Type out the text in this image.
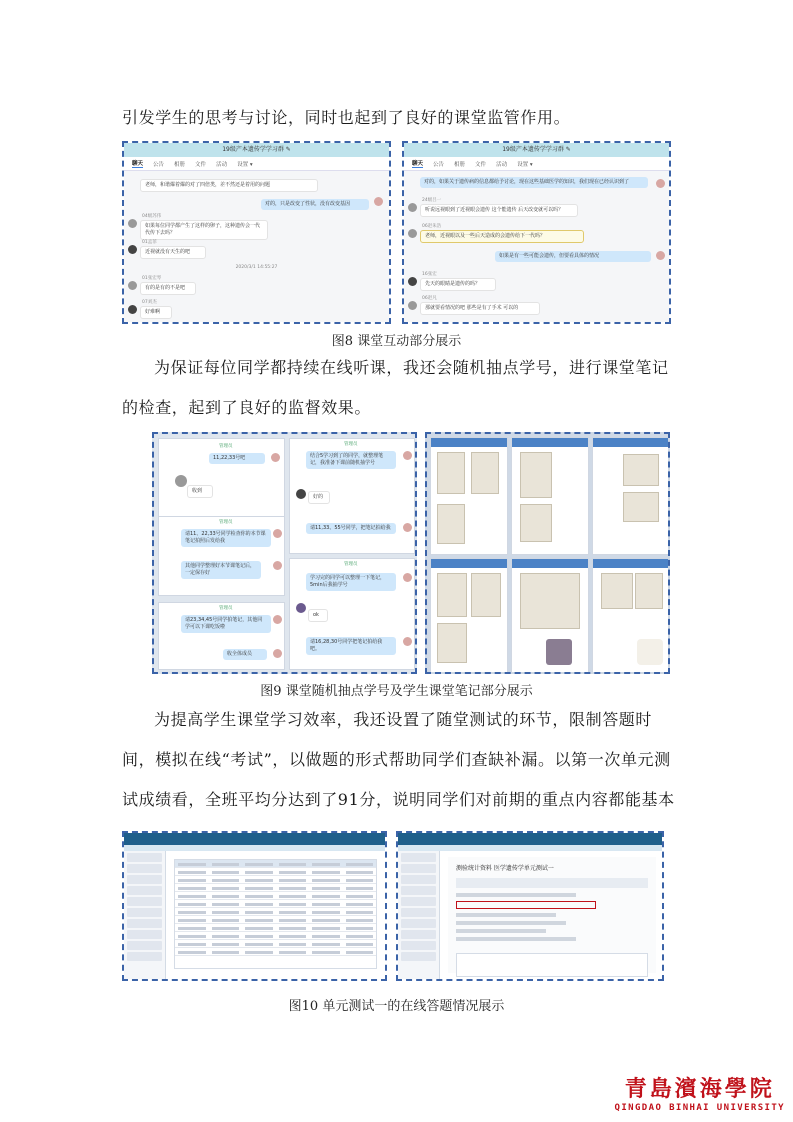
引发学生的思考与讨论，同时也起到了良好的课堂监管作用。
19级产本遗传学学习群 ✎
聊天 公告 相册 文件 活动 设置 ▾
老师，和谐爆着爆的对了四倍类，差不然还是着用的问题
对的，只是改变了性状，没有改变基因
04级苏伟
如果每位同学都产生了这样的卵子，这种遗传会一代代传下去吗？
01孟菲
近视就没有天生的吧
2020/3/1 14:55:27
01张宏琴
有的是有的不是吧
07刘杰
好难啊
19级产本遗传学学习群 ✎
聊天 公告 相册 文件 活动 设置 ▾
对的，如果关于遗传病的信息都给予讨论，现在这些基础医学的知识，我们现在已经认识到了
24级吕一
听说远视眼到了近视眼会遗传 这个能遗传 后天改变就可以吗？
06赵朱浩
老师，近视眼以及一些后天造成的会遗传给下一代吗？
如果是有一些可能会遗传，但要看具体的情况
16张宏
先天的眼睛是遗传的吗？
06赵凡
那就要看情况的吧 那些是有了手术 可以的
图8 课堂互动部分展示
为保证每位同学都持续在线听课，我还会随机抽点学号，进行课堂笔记的检查，起到了良好的监督效果。
管理员
11,22,33号吧
收到
管理员
请11、22,33号同学检查你的本节课笔记拍照后发给我
其他同学整理好本节课笔记后，一定保存好
管理员
请23,34,45号同学拍笔记，其他同学可以下课吃饭啦
收全体成员
管理员
结合5学习到了的同学，就整理笔记，我准备下课前随机抽学号
好的
请11,33、55号同学，把笔记拍给我
管理员
学习完的同学可以整理一下笔记，5min后我抽学号
ok
请16,28,30号同学把笔记拍给我吧。
图9 课堂随机抽点学号及学生课堂笔记部分展示
为提高学生课堂学习效率，我还设置了随堂测试的环节，限制答题时间，模拟在线“考试”，以做题的形式帮助同学们查缺补漏。以第一次单元测试成绩看，全班平均分达到了91分，说明同学们对前期的重点内容都能基本
测验统计资料 医学遗传学单元测试一
图10 单元测试一的在线答题情况展示
青島濱海學院
QINGDAO BINHAI UNIVERSITY
